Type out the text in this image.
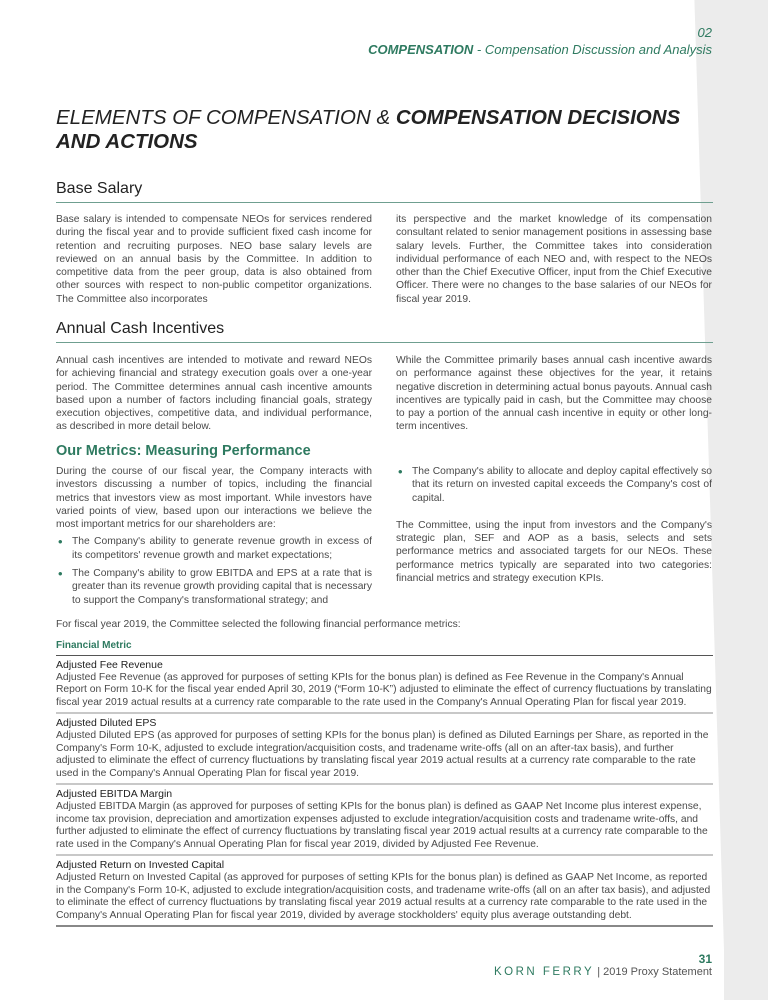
02
COMPENSATION - Compensation Discussion and Analysis
ELEMENTS OF COMPENSATION & COMPENSATION DECISIONS AND ACTIONS
Base Salary
Base salary is intended to compensate NEOs for services rendered during the fiscal year and to provide sufficient fixed cash income for retention and recruiting purposes. NEO base salary levels are reviewed on an annual basis by the Committee. In addition to competitive data from the peer group, data is also obtained from other sources with respect to non-public competitor organizations. The Committee also incorporates
its perspective and the market knowledge of its compensation consultant related to senior management positions in assessing base salary levels. Further, the Committee takes into consideration individual performance of each NEO and, with respect to the NEOs other than the Chief Executive Officer, input from the Chief Executive Officer. There were no changes to the base salaries of our NEOs for fiscal year 2019.
Annual Cash Incentives
Annual cash incentives are intended to motivate and reward NEOs for achieving financial and strategy execution goals over a one-year period. The Committee determines annual cash incentive amounts based upon a number of factors including financial goals, strategy execution objectives, competitive data, and individual performance, as described in more detail below.
While the Committee primarily bases annual cash incentive awards on performance against these objectives for the year, it retains negative discretion in determining actual bonus payouts. Annual cash incentives are typically paid in cash, but the Committee may choose to pay a portion of the annual cash incentive in equity or other long-term incentives.
Our Metrics: Measuring Performance
During the course of our fiscal year, the Company interacts with investors discussing a number of topics, including the financial metrics that investors view as most important. While investors have varied points of view, based upon our interactions we believe the most important metrics for our shareholders are:
• The Company's ability to generate revenue growth in excess of its competitors' revenue growth and market expectations;
• The Company's ability to grow EBITDA and EPS at a rate that is greater than its revenue growth providing capital that is necessary to support the Company's transformational strategy; and
• The Company's ability to allocate and deploy capital effectively so that its return on invested capital exceeds the Company's cost of capital.
The Committee, using the input from investors and the Company's strategic plan, SEF and AOP as a basis, selects and sets performance metrics and associated targets for our NEOs. These performance metrics typically are separated into two categories: financial metrics and strategy execution KPIs.
For fiscal year 2019, the Committee selected the following financial performance metrics:
Financial Metric
Adjusted Fee Revenue
Adjusted Fee Revenue (as approved for purposes of setting KPIs for the bonus plan) is defined as Fee Revenue in the Company's Annual Report on Form 10-K for the fiscal year ended April 30, 2019 (“Form 10-K”) adjusted to eliminate the effect of currency fluctuations by translating fiscal year 2019 actual results at a currency rate comparable to the rate used in the Company's Annual Operating Plan for fiscal year 2019.
Adjusted Diluted EPS
Adjusted Diluted EPS (as approved for purposes of setting KPIs for the bonus plan) is defined as Diluted Earnings per Share, as reported in the Company's Form 10-K, adjusted to exclude integration/acquisition costs, and tradename write-offs (all on an after-tax basis), and further adjusted to eliminate the effect of currency fluctuations by translating fiscal year 2019 actual results at a currency rate comparable to the rate used in the Company's Annual Operating Plan for fiscal year 2019.
Adjusted EBITDA Margin
Adjusted EBITDA Margin (as approved for purposes of setting KPIs for the bonus plan) is defined as GAAP Net Income plus interest expense, income tax provision, depreciation and amortization expenses adjusted to exclude integration/acquisition costs and tradename write-offs, and further adjusted to eliminate the effect of currency fluctuations by translating fiscal year 2019 actual results at a currency rate comparable to the rate used in the Company's Annual Operating Plan for fiscal year 2019, divided by Adjusted Fee Revenue.
Adjusted Return on Invested Capital
Adjusted Return on Invested Capital (as approved for purposes of setting KPIs for the bonus plan) is defined as GAAP Net Income, as reported in the Company's Form 10-K, adjusted to exclude integration/acquisition costs, and tradename write-offs (all on an after tax basis), and adjusted to eliminate the effect of currency fluctuations by translating fiscal year 2019 actual results at a currency rate comparable to the rate used in the Company's Annual Operating Plan for fiscal year 2019, divided by average stockholders' equity plus average outstanding debt.
31
KORN FERRY | 2019 Proxy Statement
